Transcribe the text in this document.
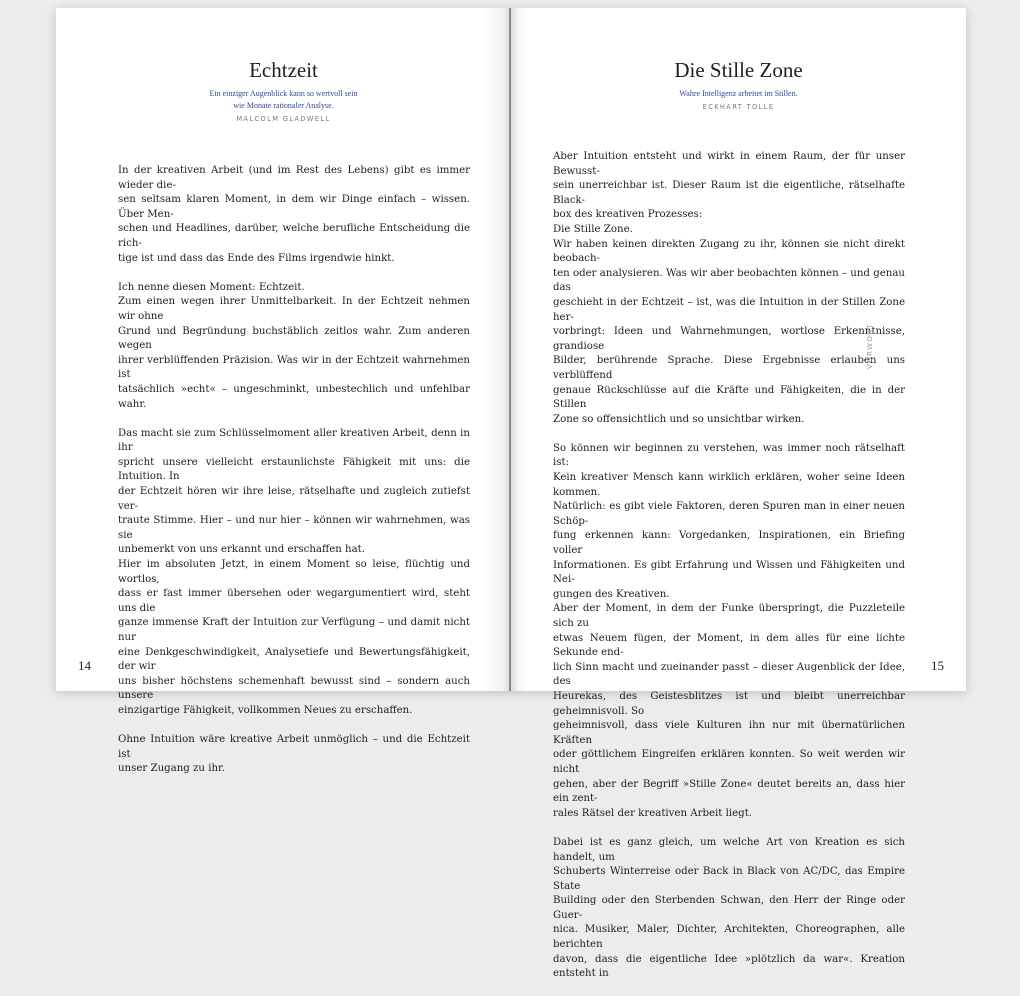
Echtzeit
Ein einziger Augenblick kann so wertvoll sein
wie Monate rationaler Analyse.
MALCOLM GLADWELL

In der kreativen Arbeit (und im Rest des Lebens) gibt es immer wieder die-
sen seltsam klaren Moment, in dem wir Dinge einfach – wissen. Über Men-
schen und Headlines, darüber, welche berufliche Entscheidung die rich-
tige ist und dass das Ende des Films irgendwie hinkt.

Ich nenne diesen Moment: Echtzeit.
Zum einen wegen ihrer Unmittelbarkeit. In der Echtzeit nehmen wir ohne
Grund und Begründung buchstäblich zeitlos wahr. Zum anderen wegen
ihrer verblüffenden Präzision. Was wir in der Echtzeit wahrnehmen ist
tatsächlich »echt« – ungeschminkt, unbestechlich und unfehlbar wahr.

Das macht sie zum Schlüsselmoment aller kreativen Arbeit, denn in ihr
spricht unsere vielleicht erstaunlichste Fähigkeit mit uns: die Intuition. In
der Echtzeit hören wir ihre leise, rätselhafte und zugleich zutiefst ver-
traute Stimme. Hier – und nur hier – können wir wahrnehmen, was sie
unbemerkt von uns erkannt und erschaffen hat.
Hier im absoluten Jetzt, in einem Moment so leise, flüchtig und wortlos,
dass er fast immer übersehen oder wegargumentiert wird, steht uns die
ganze immense Kraft der Intuition zur Verfügung – und damit nicht nur
eine Denkgeschwindigkeit, Analysetiefe und Bewertungsfähigkeit, der wir
uns bisher höchstens schemenhaft bewusst sind – sondern auch unsere
einzigartige Fähigkeit, vollkommen Neues zu erschaffen.

Ohne Intuition wäre kreative Arbeit unmöglich – und die Echtzeit ist
unser Zugang zu ihr.

14
Die Stille Zone
Wahre Intelligenz arbeitet im Stillen.
ECKHART TOLLE

Aber Intuition entsteht und wirkt in einem Raum, der für unser Bewusst-
sein unerreichbar ist. Dieser Raum ist die eigentliche, rätselhafte Black-
box des kreativen Prozesses:
Die Stille Zone.
Wir haben keinen direkten Zugang zu ihr, können sie nicht direkt beobach-
ten oder analysieren. Was wir aber beobachten können – und genau das
geschieht in der Echtzeit – ist, was die Intuition in der Stillen Zone her-
vorbringt: Ideen und Wahrnehmungen, wortlose Erkenntnisse, grandiose
Bilder, berührende Sprache. Diese Ergebnisse erlauben uns verblüffend
genaue Rückschlüsse auf die Kräfte und Fähigkeiten, die in der Stillen
Zone so offensichtlich und so unsichtbar wirken.

So können wir beginnen zu verstehen, was immer noch rätselhaft ist:
Kein kreativer Mensch kann wirklich erklären, woher seine Ideen kommen.
Natürlich: es gibt viele Faktoren, deren Spuren man in einer neuen Schöp-
fung erkennen kann: Vorgedanken, Inspirationen, ein Briefing voller
Informationen. Es gibt Erfahrung und Wissen und Fähigkeiten und Nei-
gungen des Kreativen.
Aber der Moment, in dem der Funke überspringt, die Puzzleteile sich zu
etwas Neuem fügen, der Moment, in dem alles für eine lichte Sekunde end-
lich Sinn macht und zueinander passt – dieser Augenblick der Idee, des
Heurekas, des Geistesblitzes ist und bleibt unerreichbar geheimnisvoll. So
geheimnisvoll, dass viele Kulturen ihn nur mit übernatürlichen Kräften
oder göttlichem Eingreifen erklären konnten. So weit werden wir nicht
gehen, aber der Begriff »Stille Zone« deutet bereits an, dass hier ein zent-
rales Rätsel der kreativen Arbeit liegt.

Dabei ist es ganz gleich, um welche Art von Kreation es sich handelt, um
Schuberts Winterreise oder Back in Black von AC/DC, das Empire State
Building oder den Sterbenden Schwan, den Herr der Ringe oder Guer-
nica. Musiker, Maler, Dichter, Architekten, Choreographen, alle berichten
davon, dass die eigentliche Idee »plötzlich da war«. Kreation entsteht in

15
VORWORT
